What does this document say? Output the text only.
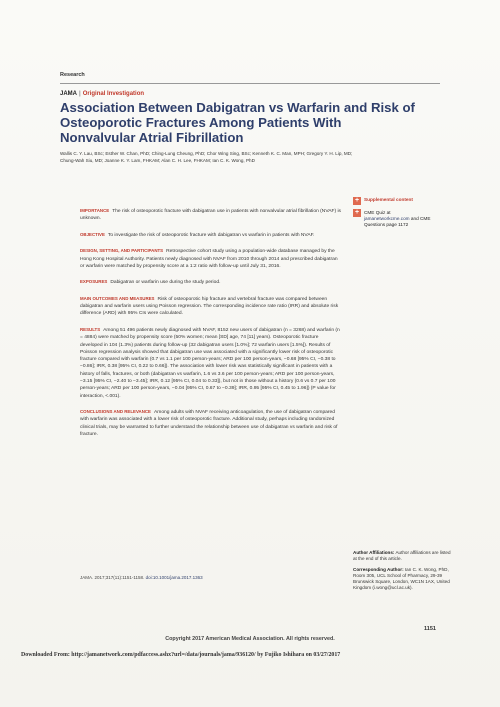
Research
JAMA | Original Investigation
Association Between Dabigatran vs Warfarin and Risk of Osteoporotic Fractures Among Patients With Nonvalvular Atrial Fibrillation
Wallis C. Y. Lau, BSc; Esther W. Chan, PhD; Ching-Lung Cheung, PhD; Chor Wing Sing, BSc; Kenneth K. C. Man, MPH; Gregory Y. H. Lip, MD; Chung-Wah Siu, MD; Joanne K. Y. Lam, FHKAM; Alan C. H. Lee, FHKAM; Ian C. K. Wong, PhD

IMPORTANCE The risk of osteoporotic fracture with dabigatran use in patients with nonvalvular atrial fibrillation (NVAF) is unknown.

OBJECTIVE To investigate the risk of osteoporotic fracture with dabigatran vs warfarin in patients with NVAF.

DESIGN, SETTING, AND PARTICIPANTS Retrospective cohort study using a population-wide database managed by the Hong Kong Hospital Authority. Patients newly diagnosed with NVAF from 2010 through 2014 and prescribed dabigatran or warfarin were matched by propensity score at a 1:2 ratio with follow-up until July 31, 2016.

EXPOSURES Dabigatran or warfarin use during the study period.

MAIN OUTCOMES AND MEASURES Risk of osteoporotic hip fracture and vertebral fracture was compared between dabigatran and warfarin users using Poisson regression. The corresponding incidence rate ratio (IRR) and absolute risk difference (ARD) with 95% CIs were calculated.

RESULTS Among 51 496 patients newly diagnosed with NVAF, 8152 new users of dabigatran (n = 3268) and warfarin (n = 4884) were matched by propensity score (50% women; mean [SD] age, 74 [11] years). Osteoporotic fracture developed in 104 (1.3%) patients during follow-up (32 dabigatran users [1.0%]; 72 warfarin users [1.5%]). Results of Poisson regression analysis showed that dabigatran use was associated with a significantly lower risk of osteoporotic fracture compared with warfarin (0.7 vs 1.1 per 100 person-years; ARD per 100 person-years, −0.68 [95% CI, −0.38 to −0.86]; IRR, 0.38 [95% CI, 0.22 to 0.66]). The association with lower risk was statistically significant in patients with a history of falls, fractures, or both (dabigatran vs warfarin, 1.6 vs 3.6 per 100 person-years; ARD per 100 person-years, −3.15 [95% CI, −2.40 to −3.45]; IRR, 0.12 [95% CI, 0.04 to 0.33]), but not in those without a history (0.6 vs 0.7 per 100 person-years; ARD per 100 person-years, −0.04 [95% CI, 0.67 to −0.39]; IRR, 0.95 [95% CI, 0.45 to 1.96]) (P value for interaction, <.001).

CONCLUSIONS AND RELEVANCE Among adults with NVAF receiving anticoagulation, the use of dabigatran compared with warfarin was associated with a lower risk of osteoporotic fracture. Additional study, perhaps including randomized clinical trials, may be warranted to further understand the relationship between use of dabigatran vs warfarin and risk of fracture.

+	Supplemental content
+	CME Quiz at
jamanetworkcme.com and CME Questions page 1172

Author Affiliations: Author affiliations are listed at the end of this article.

Corresponding Author: Ian C. K. Wong, PhD, Room 305, UCL School of Pharmacy, 29-39 Brunswick Square, London, WC1N 1AX, United Kingdom (i.wong@ucl.ac.uk).

JAMA. 2017;317(11):1151-1158. doi:10.1001/jama.2017.1363
1151
Copyright 2017 American Medical Association. All rights reserved.
Downloaded From: http://jamanetwork.com/pdfaccess.ashx?url=/data/journals/jama/936120/ by Fujiko Ishihara on 03/27/2017
